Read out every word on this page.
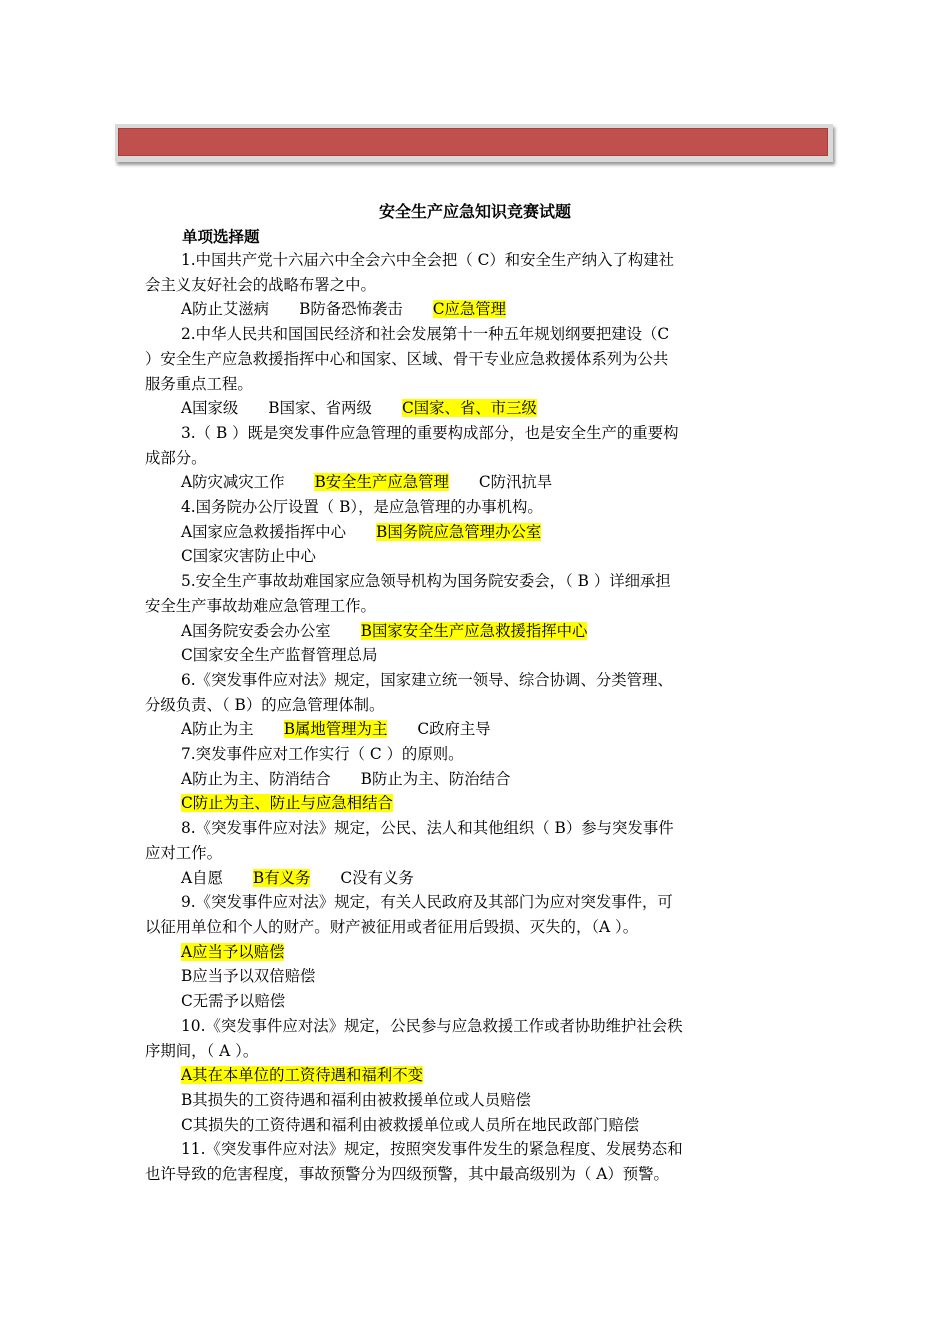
安全生产应急知识竞赛试题
单项选择题
1.中国共产党十六届六中全会六中全会把（ C）和安全生产纳入了构建社
会主义友好社会的战略布署之中。
A防止艾滋病 B防备恐怖袭击 C应急管理
2.中华人民共和国国民经济和社会发展第十一种五年规划纲要把建设（C
）安全生产应急救援指挥中心和国家、区域、骨干专业应急救援体系列为公共
服务重点工程。
A国家级 B国家、省两级 C国家、省、市三级
3.（ B ）既是突发事件应急管理的重要构成部分，也是安全生产的重要构
成部分。
A防灾减灾工作 B安全生产应急管理 C防汛抗旱
4.国务院办公厅设置（ B），是应急管理的办事机构。
A国家应急救援指挥中心 B国务院应急管理办公室
C国家灾害防止中心
5.安全生产事故劫难国家应急领导机构为国务院安委会，（ B ）详细承担
安全生产事故劫难应急管理工作。
A国务院安委会办公室 B国家安全生产应急救援指挥中心
C国家安全生产监督管理总局
6.《突发事件应对法》规定，国家建立统一领导、综合协调、分类管理、
分级负责、（ B）的应急管理体制。
A防止为主 B属地管理为主 C政府主导
7.突发事件应对工作实行（ C ）的原则。
A防止为主、防消结合 B防止为主、防治结合
C防止为主、防止与应急相结合
8.《突发事件应对法》规定，公民、法人和其他组织（ B）参与突发事件
应对工作。
A自愿 B有义务 C没有义务
9.《突发事件应对法》规定，有关人民政府及其部门为应对突发事件，可
以征用单位和个人的财产。财产被征用或者征用后毁损、灭失的，（A ）。
A应当予以赔偿
B应当予以双倍赔偿
C无需予以赔偿
10.《突发事件应对法》规定，公民参与应急救援工作或者协助维护社会秩
序期间，（ A ）。
A其在本单位的工资待遇和福利不变
B其损失的工资待遇和福利由被救援单位或人员赔偿
C其损失的工资待遇和福利由被救援单位或人员所在地民政部门赔偿
11.《突发事件应对法》规定，按照突发事件发生的紧急程度、发展势态和
也许导致的危害程度，事故预警分为四级预警，其中最高级别为（ A）预警。
